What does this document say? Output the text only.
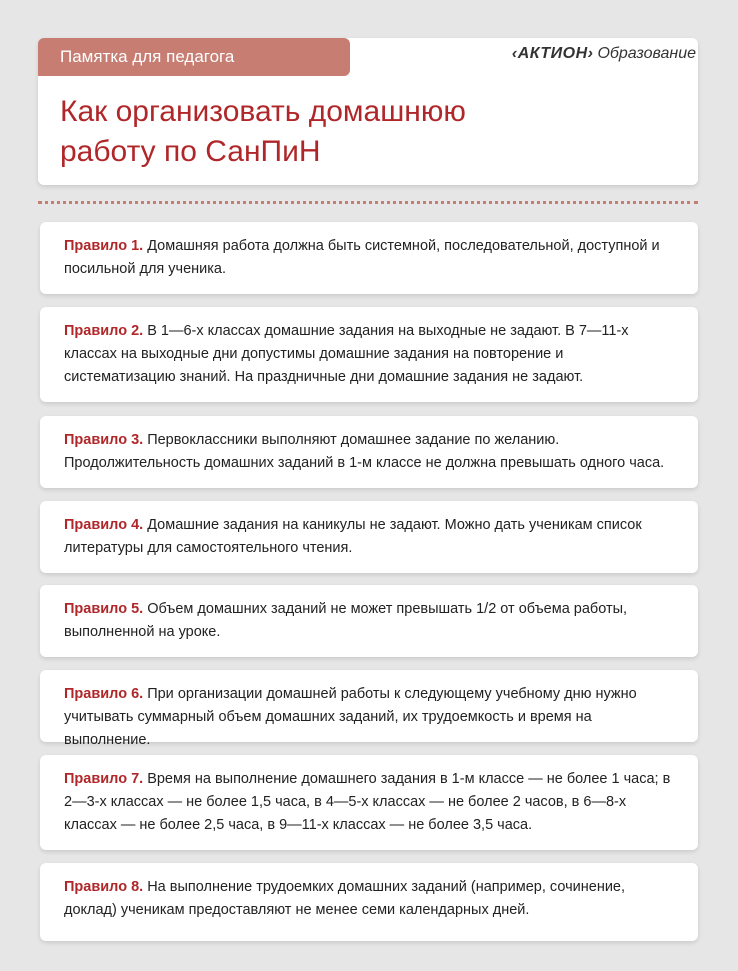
Памятка для педагога	‹АКТИОН› Образование
Как организовать домашнюю
работу по СанПиН
Правило 1. Домашняя работа должна быть системной, последовательной, доступной и посильной для ученика.
Правило 2. В 1—6-х классах домашние задания на выходные не задают. В 7—11-х классах на выходные дни допустимы домашние задания на повторение и систематизацию знаний. На праздничные дни домашние задания не задают.
Правило 3. Первоклассники выполняют домашнее задание по желанию. Продолжительность домашних заданий в 1-м классе не должна превышать одного часа.
Правило 4. Домашние задания на каникулы не задают. Можно дать ученикам список литературы для самостоятельного чтения.
Правило 5. Объем домашних заданий не может превышать 1/2 от объема работы, выполненной на уроке.
Правило 6. При организации домашней работы к следующему учебному дню нужно учитывать суммарный объем домашних заданий, их трудоемкость и время на выполнение.
Правило 7. Время на выполнение домашнего задания в 1-м классе — не более 1 часа; в 2—3-х классах — не более 1,5 часа, в 4—5-х классах — не более 2 часов, в 6—8-х классах — не более 2,5 часа, в 9—11-х классах — не более 3,5 часа.
Правило 8. На выполнение трудоемких домашних заданий (например, сочинение, доклад) ученикам предоставляют не менее семи календарных дней.
